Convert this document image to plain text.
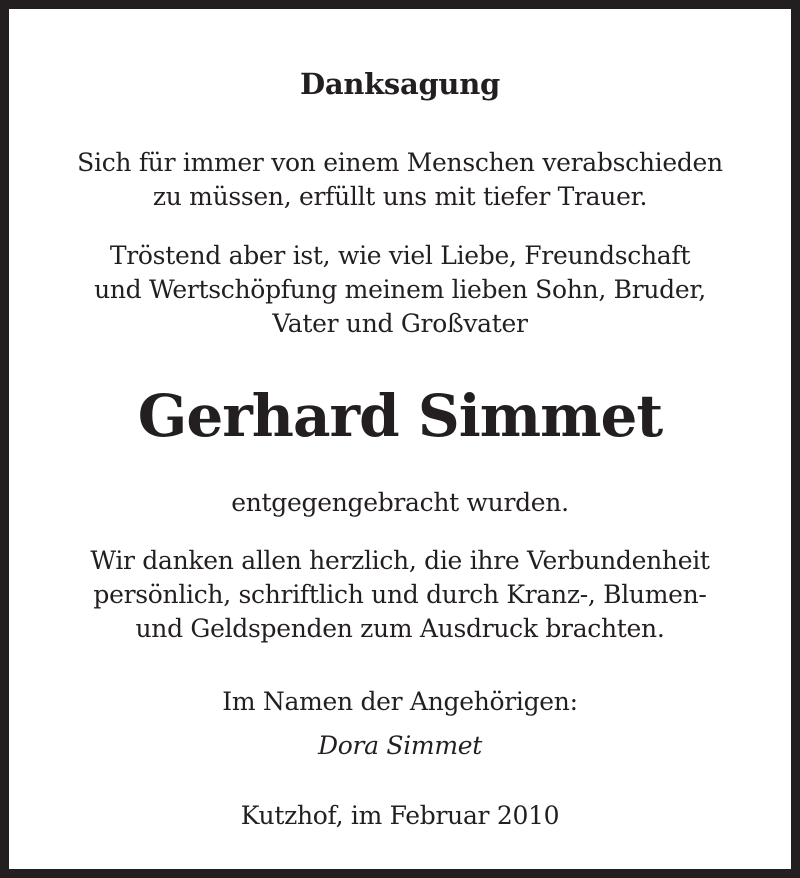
Danksagung

Sich für immer von einem Menschen verabschieden
zu müssen, erfüllt uns mit tiefer Trauer.
Tröstend aber ist, wie viel Liebe, Freundschaft
und Wertschöpfung meinem lieben Sohn, Bruder,
Vater und Großvater

Gerhard Simmet

entgegengebracht wurden.

Wir danken allen herzlich, die ihre Verbundenheit
persönlich, schriftlich und durch Kranz-, Blumen-
und Geldspenden zum Ausdruck brachten.

Im Namen der Angehörigen:

Dora Simmet

Kutzhof, im Februar 2010
